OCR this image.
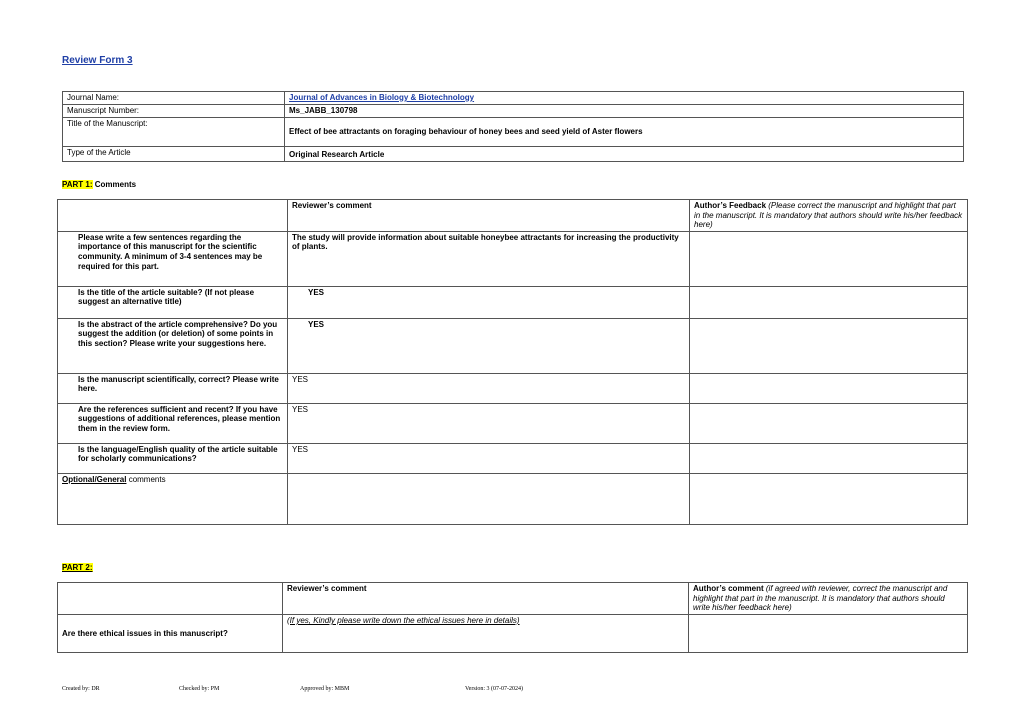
Review Form 3
Journal Name:	Journal of Advances in Biology & Biotechnology
Manuscript Number:	Ms_JABB_130798
Title of the Manuscript:	Effect of bee attractants on foraging behaviour of honey bees and seed yield of Aster flowers
Type of the Article	Original Research Article
PART 1: Comments
	Reviewer’s comment	Author’s Feedback (Please correct the manuscript and highlight that part in the manuscript. It is mandatory that authors should write his/her feedback here)
Please write a few sentences regarding the importance of this manuscript for the scientific community. A minimum of 3-4 sentences may be required for this part.	The study will provide information about suitable honeybee attractants for increasing the productivity of plants.	
Is the title of the article suitable? (If not please suggest an alternative title)	YES	
Is the abstract of the article comprehensive? Do you suggest the addition (or deletion) of some points in this section? Please write your suggestions here.	YES	
Is the manuscript scientifically, correct? Please write here.	YES	
Are the references sufficient and recent? If you have suggestions of additional references, please mention them in the review form.	YES	
Is the language/English quality of the article suitable for scholarly communications?	YES	
Optional/General comments		
PART 2:
	Reviewer’s comment	Author’s comment (if agreed with reviewer, correct the manuscript and highlight that part in the manuscript. It is mandatory that authors should write his/her feedback here)
Are there ethical issues in this manuscript?	(If yes, Kindly please write down the ethical issues here in details)	
Created by: DR	Checked by: PM	Approved by: MBM	Version: 3 (07-07-2024)
